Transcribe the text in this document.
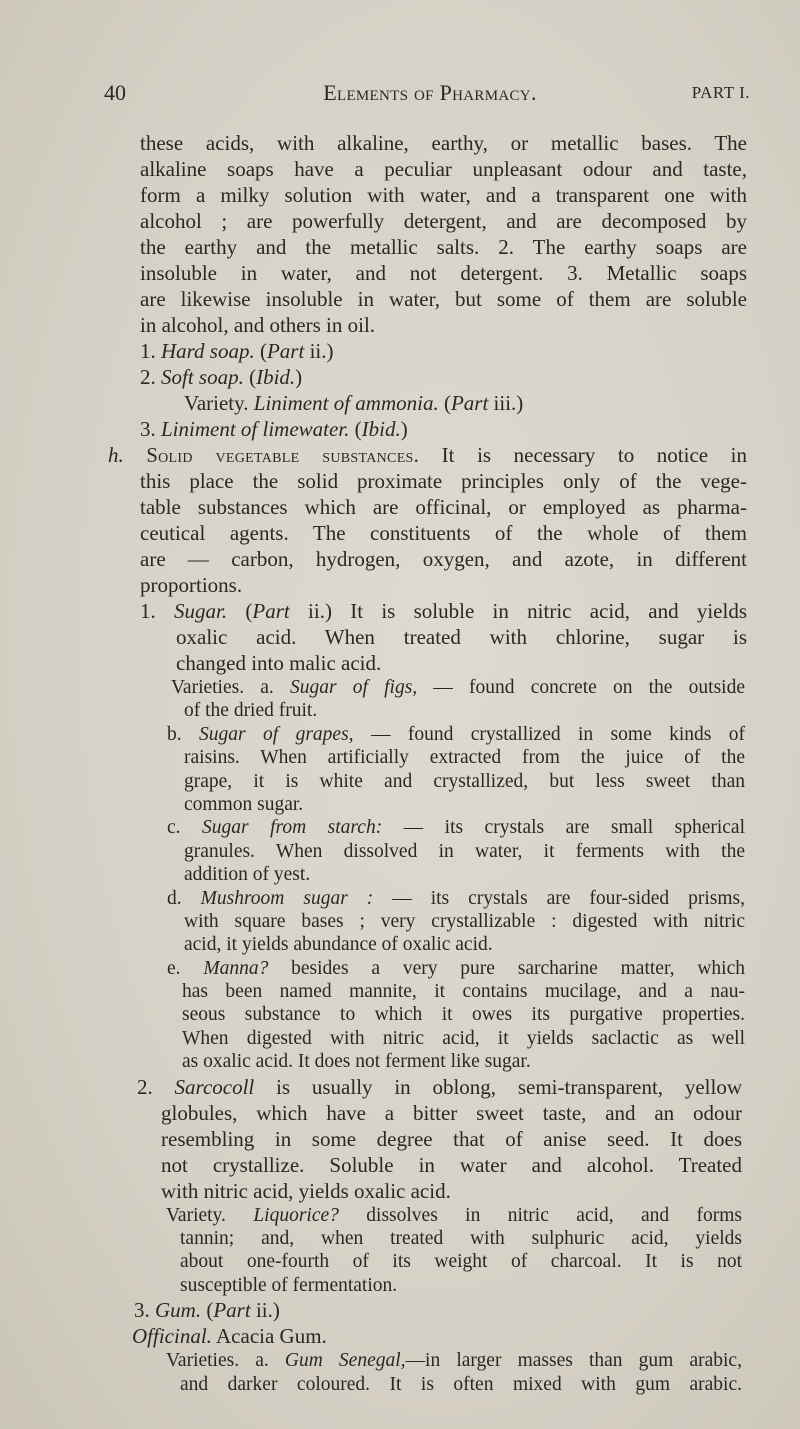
40	Elements of Pharmacy.	PART I.
these acids, with alkaline, earthy, or metallic bases. The
alkaline soaps have a peculiar unpleasant odour and taste,
form a milky solution with water, and a transparent one with
alcohol ; are powerfully detergent, and are decomposed by
the earthy and the metallic salts. 2. The earthy soaps are
insoluble in water, and not detergent. 3. Metallic soaps
are likewise insoluble in water, but some of them are soluble
in alcohol, and others in oil.
1. Hard soap. (Part ii.)
2. Soft soap. (Ibid.)
Variety. Liniment of ammonia. (Part iii.)
3. Liniment of limewater. (Ibid.)
h. Solid vegetable substances. It is necessary to notice in
this place the solid proximate principles only of the vege-
table substances which are officinal, or employed as pharma-
ceutical agents. The constituents of the whole of them
are — carbon, hydrogen, oxygen, and azote, in different
proportions.
1. Sugar. (Part ii.) It is soluble in nitric acid, and yields
oxalic acid. When treated with chlorine, sugar is
changed into malic acid.
Varieties. a. Sugar of figs, — found concrete on the outside
of the dried fruit.
b. Sugar of grapes, — found crystallized in some kinds of
raisins. When artificially extracted from the juice of the
grape, it is white and crystallized, but less sweet than
common sugar.
c. Sugar from starch: — its crystals are small spherical
granules. When dissolved in water, it ferments with the
addition of yest.
d. Mushroom sugar : — its crystals are four-sided prisms,
with square bases ; very crystallizable : digested with nitric
acid, it yields abundance of oxalic acid.
e. Manna? besides a very pure sarcharine matter, which
has been named mannite, it contains mucilage, and a nau-
seous substance to which it owes its purgative properties.
When digested with nitric acid, it yields saclactic as well
as oxalic acid. It does not ferment like sugar.
2. Sarcocoll is usually in oblong, semi-transparent, yellow
globules, which have a bitter sweet taste, and an odour
resembling in some degree that of anise seed. It does
not crystallize. Soluble in water and alcohol. Treated
with nitric acid, yields oxalic acid.
Variety. Liquorice? dissolves in nitric acid, and forms
tannin; and, when treated with sulphuric acid, yields
about one-fourth of its weight of charcoal. It is not
susceptible of fermentation.
3. Gum. (Part ii.)
Officinal. Acacia Gum.
Varieties. a. Gum Senegal,—in larger masses than gum arabic,
and darker coloured. It is often mixed with gum arabic.
